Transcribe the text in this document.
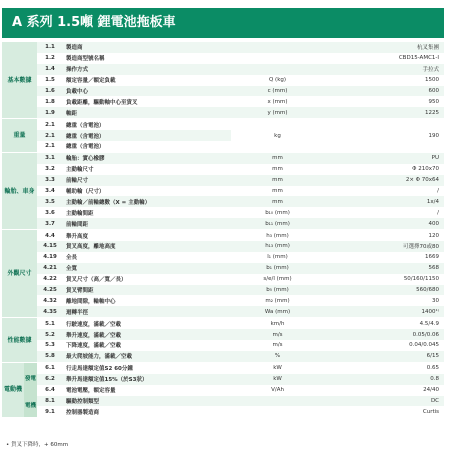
A 系列 1.5噸 鋰電池拖板車
基本數據		1.1	製造商		杭叉集團
		1.2	製造商型號名稱		CBD15-AMC1-I
		1.4	操作方式		手拉式
		1.5	額定容量／額定負載	Q (kg)	1500
		1.6	負載中心	c (mm)	600
		1.8	負載距離，驅動軸中心至貨叉	x (mm)	950
		1.9	軸距	y (mm)	1225
重量		2.1	總重（含電池）	kg	190
		2.1	總重（含電池）		
		2.1	總重（含電池）		
輪胎、車身		3.1	輪胎：實心橡膠	mm	PU
		3.2	主動輪尺寸	mm	Φ 210x70
		3.3	前輪尺寸	mm	2× Φ 70x64
		3.4	輔助輪（尺寸）	mm	/
		3.5	主動輪／前輪總數（X = 主動輪）	mm	1x/4
		3.6	主動輪間距	b₁₀ (mm)	/
		3.7	前輪間距	b₁₁ (mm)	400
外觀尺寸		4.4	舉升高度	h₃ (mm)	120
		4.15	貨叉高度，離地高度	h₁₃ (mm)	可選擇70或80
		4.19	全長	l₁ (mm)	1669
		4.21	全寬	b₁ (mm)	568
		4.22	貨叉尺寸（高／寬／長）	s/e/l (mm)	50/160/1150
		4.25	貨叉臂間距	b₅ (mm)	560/680
		4.32	離地間隙，輪軸中心	m₂ (mm)	30
		4.35	迴轉半徑	Wa (mm)	1400¹⁾
性能數據		5.1	行駛速度，滿載／空載	km/h	4.5/4.9
		5.2	舉升速度，滿載／空載	m/s	0.05/0.06
		5.3	下降速度，滿載／空載	m/s	0.04/0.045
		5.8	最大爬坡能力，滿載／空載	%	6/15
電動機	發電	6.1	行走馬達額定值S2 60分鐘	kW	0.65
		6.2	舉升馬達額定值15%（於S3狀）	kW	0.8
		6.4	電池電壓，額定容量	V/Ah	24/40
	電機	8.1	驅動控制類型		DC
		9.1	控制器製造商		Curtis
• 貨叉下降時，+ 60mm
